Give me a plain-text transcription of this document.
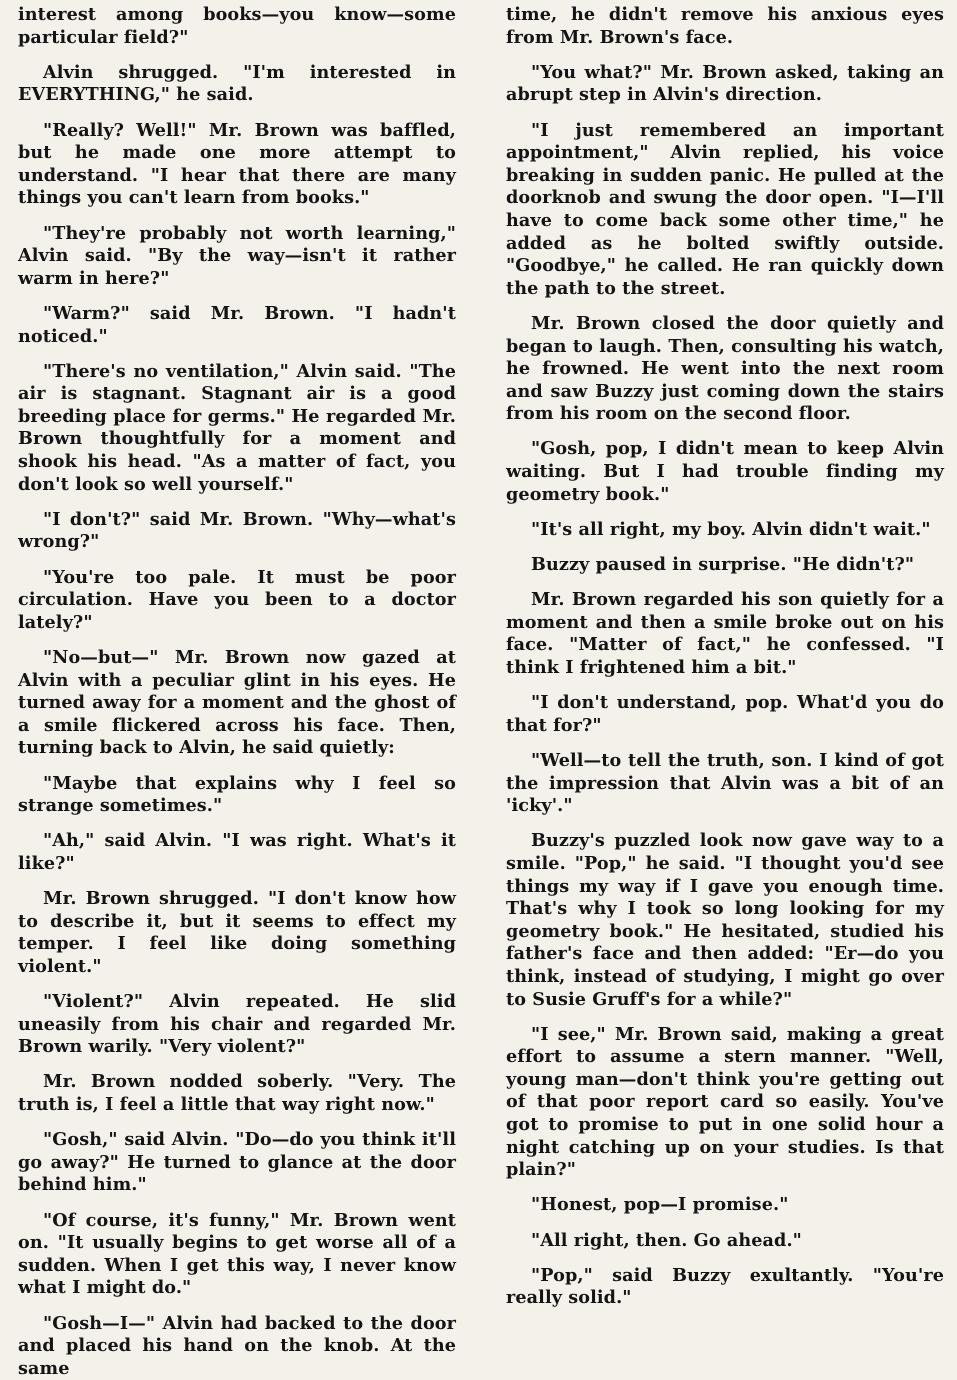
interest among books—you know—some particular field?"

Alvin shrugged. "I'm interested in EVERYTHING," he said.

"Really? Well!" Mr. Brown was baffled, but he made one more attempt to understand. "I hear that there are many things you can't learn from books."

"They're probably not worth learning," Alvin said. "By the way—isn't it rather warm in here?"

"Warm?" said Mr. Brown. "I hadn't noticed."

"There's no ventilation," Alvin said. "The air is stagnant. Stagnant air is a good breeding place for germs." He regarded Mr. Brown thoughtfully for a moment and shook his head. "As a matter of fact, you don't look so well yourself."

"I don't?" said Mr. Brown. "Why—what's wrong?"

"You're too pale. It must be poor circulation. Have you been to a doctor lately?"

"No—but—" Mr. Brown now gazed at Alvin with a peculiar glint in his eyes. He turned away for a moment and the ghost of a smile flickered across his face. Then, turning back to Alvin, he said quietly:

"Maybe that explains why I feel so strange sometimes."

"Ah," said Alvin. "I was right. What's it like?"

Mr. Brown shrugged. "I don't know how to describe it, but it seems to effect my temper. I feel like doing something violent."

"Violent?" Alvin repeated. He slid uneasily from his chair and regarded Mr. Brown warily. "Very violent?"

Mr. Brown nodded soberly. "Very. The truth is, I feel a little that way right now."

"Gosh," said Alvin. "Do—do you think it'll go away?" He turned to glance at the door behind him."

"Of course, it's funny," Mr. Brown went on. "It usually begins to get worse all of a sudden. When I get this way, I never know what I might do."

"Gosh—I—" Alvin had backed to the door and placed his hand on the knob. At the same

time, he didn't remove his anxious eyes from Mr. Brown's face.

"You what?" Mr. Brown asked, taking an abrupt step in Alvin's direction.

"I just remembered an important appointment," Alvin replied, his voice breaking in sudden panic. He pulled at the doorknob and swung the door open. "I—I'll have to come back some other time," he added as he bolted swiftly outside. "Goodbye," he called. He ran quickly down the path to the street.

Mr. Brown closed the door quietly and began to laugh. Then, consulting his watch, he frowned. He went into the next room and saw Buzzy just coming down the stairs from his room on the second floor.

"Gosh, pop, I didn't mean to keep Alvin waiting. But I had trouble finding my geometry book."

"It's all right, my boy. Alvin didn't wait."

Buzzy paused in surprise. "He didn't?"

Mr. Brown regarded his son quietly for a moment and then a smile broke out on his face. "Matter of fact," he confessed. "I think I frightened him a bit."

"I don't understand, pop. What'd you do that for?"

"Well—to tell the truth, son. I kind of got the impression that Alvin was a bit of an 'icky'."

Buzzy's puzzled look now gave way to a smile. "Pop," he said. "I thought you'd see things my way if I gave you enough time. That's why I took so long looking for my geometry book." He hesitated, studied his father's face and then added: "Er—do you think, instead of studying, I might go over to Susie Gruff's for a while?"

"I see," Mr. Brown said, making a great effort to assume a stern manner. "Well, young man—don't think you're getting out of that poor report card so easily. You've got to promise to put in one solid hour a night catching up on your studies. Is that plain?"

"Honest, pop—I promise."

"All right, then. Go ahead."

"Pop," said Buzzy exultantly. "You're really solid."
